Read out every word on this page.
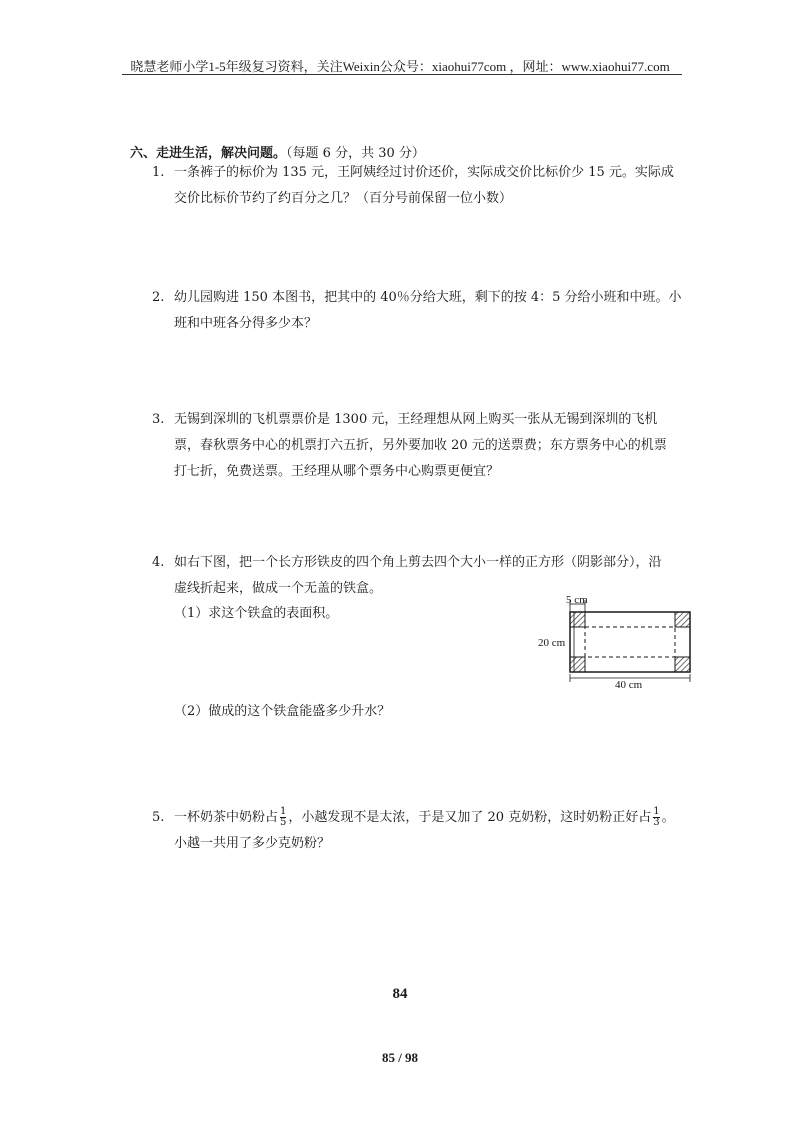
晓慧老师小学1-5年级复习资料，关注Weixin公众号：xiaohui77com ，网址：www.xiaohui77.com
六、走进生活，解决问题。（每题 6 分，共 30 分）
1. 一条裤子的标价为 135 元，王阿姨经过讨价还价，实际成交价比标价少 15 元。实际成
交价比标价节约了约百分之几？（百分号前保留一位小数）
2. 幼儿园购进 150 本图书，把其中的 40％分给大班，剩下的按 4：5 分给小班和中班。小
班和中班各分得多少本？
3. 无锡到深圳的飞机票票价是 1300 元，王经理想从网上购买一张从无锡到深圳的飞机
票，春秋票务中心的机票打六五折，另外要加收 20 元的送票费；东方票务中心的机票
打七折，免费送票。王经理从哪个票务中心购票更便宜？
4. 如右下图，把一个长方形铁皮的四个角上剪去四个大小一样的正方形（阴影部分），沿
虚线折起来，做成一个无盖的铁盒。
（1）求这个铁盒的表面积。
（2）做成的这个铁盒能盛多少升水？
5 cm
20 cm
40 cm
5. 一杯奶茶中奶粉占 $\frac{1}{5}$ ，小越发现不是太浓，于是又加了 20 克奶粉，这时奶粉正好占 $\frac{1}{3}$ 。
小越一共用了多少克奶粉？
84
85 / 98
